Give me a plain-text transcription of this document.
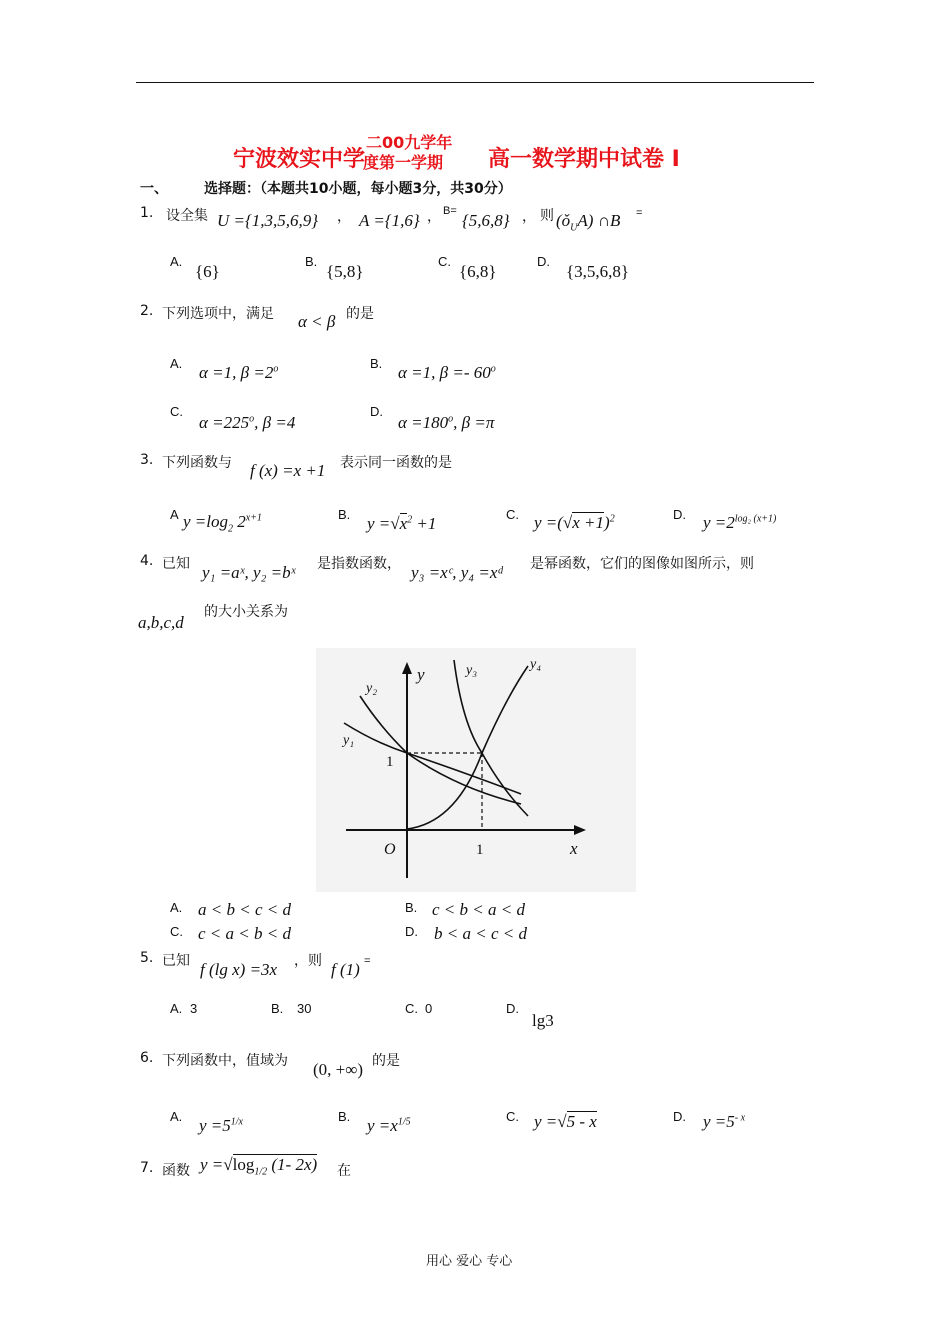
宁波效实中学
二00九学年
度第一学期 高一数学期中试卷 I
一、	选择题：（本题共10小题，每小题3分，共30分）
1. 设全集 U ={1,3,5,6,9} ， A ={1,6} ， B= {5,6,8} ， 则 $(ǒ_UA)$ ∩B =
A.
{6}
B.
{5,8}
C.
{6,8}
D.
{3,5,6,8}
2. 下列选项中，满足 α < β 的是
A. α =1, $\beta =2^o$	B. α =1, β =- 60$^o$
C.
$\alpha =225^o$, β =4
D.
$\alpha =180^o$, β =π
3. 下列函数与 f (x) =x +1 表示同一函数的是
A $y =\log_2$ $2^{x+1}$	B. $y =√x^2 +1$	C. $y =(√x +1)^2$	D. $y =2^{log_2 (x+1)}$
4. 已知 y₁ =aˣ, y₂ =bˣ 是指数函数， y₃ =xᶜ, y₄ =xᵈ 是幂函数，它们的图像如图所示，则
a,b,c,d
的大小关系为
y
y₂
y₁
y₃	y₄
1
1
O	x
A. a < b < c < d	B. c < b < a < d
C. c < a < b < d	D. b < a < c < d
5. 已知 f (lg x) =3x ，则 f (1) =
A. 3	B. 30	C. 0	D.
lg3
6. 下列函数中，值域为 (0, +∞) 的是
A. $y =5^{1/x}$	B. $y =x^{1/5}$	C. y =√5 - x	D. $y =5^{- x}$
7. 函数 $y =√\log_{1/2}$ (1- 2x) 在
用心 爱心 专心
